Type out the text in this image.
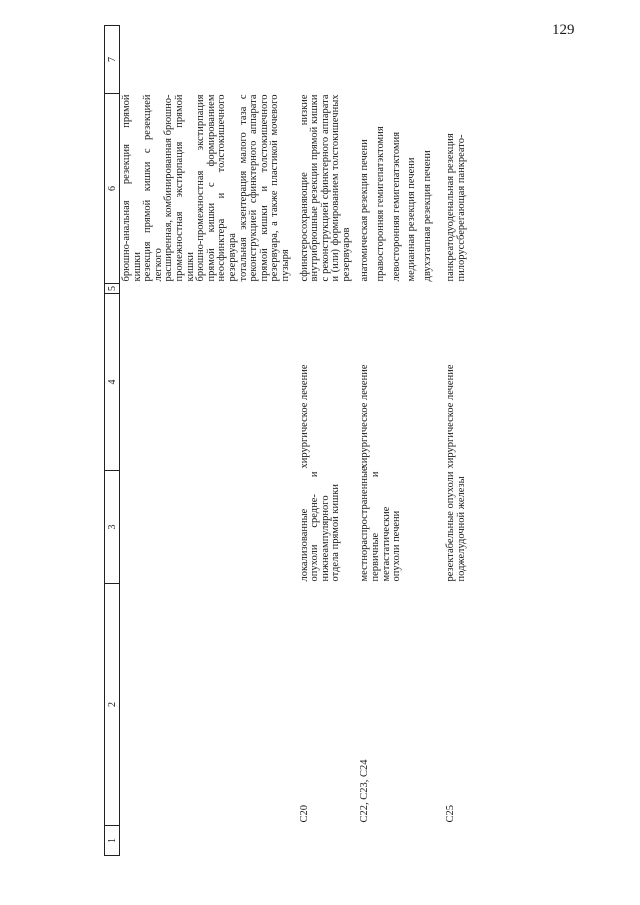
129
1	2	3	4	5	6	7

					брюшно-анальная резекция прямой кишки резекция прямой кишки с резекцией легкого расширенная, комбинированная брюшно-промежностная экстирпация прямой кишки брюшно-промежностная экстирпация прямой кишки с формированием неосфинктера и толстокишечного резервуара тотальная экзентерация малого таза с реконструкцией сфинктерного аппарата прямой кишки и толстокишечного резервуара, а также пластикой мочевого пузыря	

	C20	локализованные опухоли средне- и нижнеампулярного отдела прямой кишки	хирургическое лечение		сфинктеросохраняющие низкие внутрибрюшные резекции прямой кишки с реконструкцией сфинктерного аппарата и (или) формированием толстокишечных резервуаров	

	C22, C23, C24	местнораспространенные первичные и метастатические опухоли печени	хирургическое лечение		анатомическая резекция печени правосторонняя гемигепатэктомия левосторонняя гемигепатэктомия медианная резекция печени двухэтапная резекция печени	

	C25	резектабельные опухоли поджелудочной железы	хирургическое лечение		панкреатодуоденальная резекция пилоруссберегающая панкреато-	
